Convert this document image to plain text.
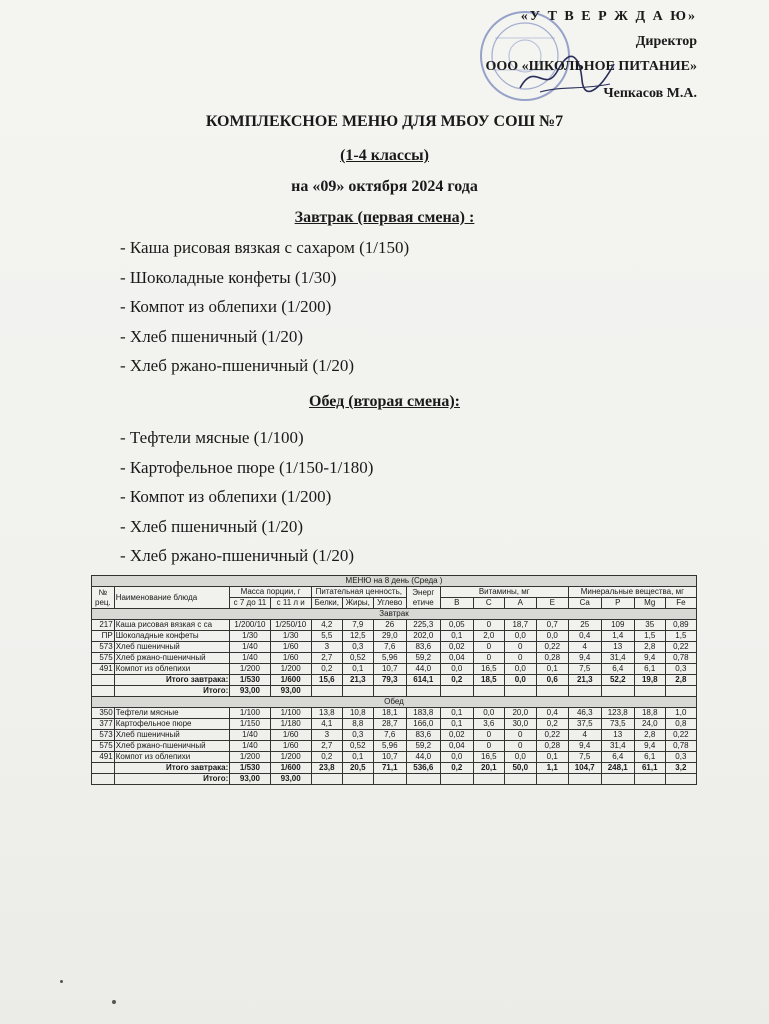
«У Т В Е Р Ж Д А Ю»
Директор
ООО «ШКОЛЬНОЕ ПИТАНИЕ»
Чепкасов М.А.
КОМПЛЕКСНОЕ МЕНЮ ДЛЯ МБОУ СОШ №7
(1-4 классы)
на «09» октября 2024 года
Завтрак (первая смена) :
- Каша рисовая вязкая с сахаром (1/150)
- Шоколадные конфеты (1/30)
- Компот из облепихи (1/200)
- Хлеб пшеничный (1/20)
- Хлеб ржано-пшеничный (1/20)
Обед (вторая смена):
- Тефтели мясные (1/100)
- Картофельное пюре (1/150-1/180)
- Компот из облепихи (1/200)
- Хлеб пшеничный (1/20)
- Хлеб ржано-пшеничный (1/20)
МЕНЮ на 8 день (Среда )															
№ рец.	Наименование блюда	Масса порции, г		Питательная ценность,			Энерг етиче	Витамины, мг				Минеральные вещества, мг			
		с 7 до 11	с 11 л и	Белки,	Жиры,	Углево		B	C	A	E	Ca	P	Mg	Fe
Завтрак															
217	Каша рисовая вязкая с са	1/200/10	1/250/10	4,2	7,9	26	225,3	0,05	0	18,7	0,7	25	109	35	0,89
ПР	Шоколадные конфеты	1/30	1/30	5,5	12,5	29,0	202,0	0,1	2,0	0,0	0,0	0,4	1,4	1,5	1,5
573	Хлеб пшеничный	1/40	1/60	3	0,3	7,6	83,6	0,02	0	0	0,22	4	13	2,8	0,22
575	Хлеб ржано-пшеничный	1/40	1/60	2,7	0,52	5,96	59,2	0,04	0	0	0,28	9,4	31,4	9,4	0,78
491	Компот из облепихи	1/200	1/200	0,2	0,1	10,7	44,0	0,0	16,5	0,0	0,1	7,5	6,4	6,1	0,3
	Итого завтрака:	1/530	1/600	15,6	21,3	79,3	614,1	0,2	18,5	0,0	0,6	21,3	52,2	19,8	2,8
	Итого:	93,00	93,00												
Обед															
350	Тефтели мясные	1/100	1/100	13,8	10,8	18,1	183,8	0,1	0,0	20,0	0,4	46,3	123,8	18,8	1,0
377	Картофельное пюре	1/150	1/180	4,1	8,8	28,7	166,0	0,1	3,6	30,0	0,2	37,5	73,5	24,0	0,8
573	Хлеб пшеничный	1/40	1/60	3	0,3	7,6	83,6	0,02	0	0	0,22	4	13	2,8	0,22
575	Хлеб ржано-пшеничный	1/40	1/60	2,7	0,52	5,96	59,2	0,04	0	0	0,28	9,4	31,4	9,4	0,78
491	Компот из облепихи	1/200	1/200	0,2	0,1	10,7	44,0	0,0	16,5	0,0	0,1	7,5	6,4	6,1	0,3
	Итого завтрака:	1/530	1/600	23,8	20,5	71,1	536,6	0,2	20,1	50,0	1,1	104,7	248,1	61,1	3,2
	Итого:	93,00	93,00												
